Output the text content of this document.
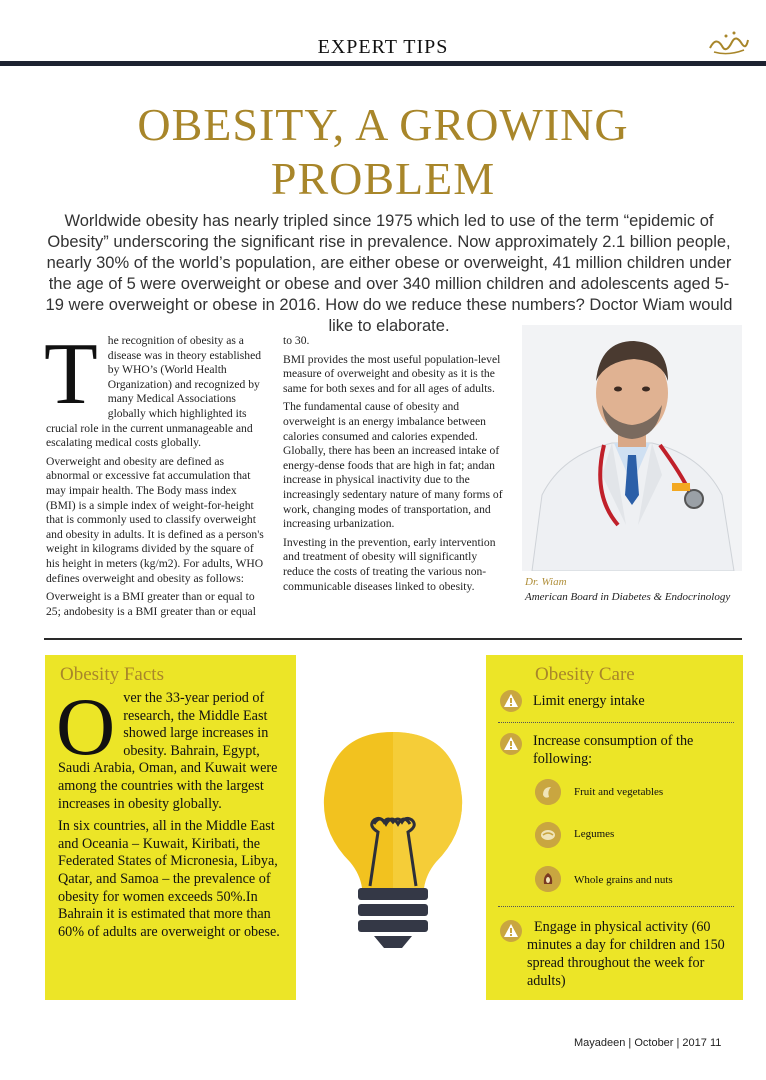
EXPERT TIPS
OBESITY, A GROWING PROBLEM

Worldwide obesity has nearly tripled since 1975 which led to use of the term “epidemic of Obesity” underscoring the significant rise in prevalence. Now approximately 2.1 billion people, nearly 30% of the world’s population, are either obese or overweight, 41 million children under the age of 5 were overweight or obese and over 340 million children and adolescents aged 5-19 were overweight or obese in 2016. How do we reduce these numbers? Doctor Wiam would like to elaborate.

The recognition of obesity as a disease was in theory established by WHO’s (World Health Organization) and recognized by many Medical Associations globally which highlighted its crucial role in the current unmanageable and escalating medical costs globally.

Overweight and obesity are defined as abnormal or excessive fat accumulation that may impair health. The Body mass index (BMI) is a simple index of weight-for-height that is commonly used to classify overweight and obesity in adults. It is defined as a person's weight in kilograms divided by the square of his height in meters (kg/m2). For adults, WHO defines overweight and obesity as follows:

Overweight is a BMI greater than or equal to 25; andobesity is a BMI greater than or equal

to 30.

BMI provides the most useful population-level measure of overweight and obesity as it is the same for both sexes and for all ages of adults.

The fundamental cause of obesity and overweight is an energy imbalance between calories consumed and calories expended. Globally, there has been an increased intake of energy-dense foods that are high in fat; andan increase in physical inactivity due to the increasingly sedentary nature of many forms of work, changing modes of transportation, and increasing urbanization.

Investing in the prevention, early intervention and treatment of obesity will significantly reduce the costs of treating the various non-communicable diseases linked to obesity.	Dr. Wiam
American Board in Diabetes & Endocrinology
Obesity Facts

Over the 33-year period of research, the Middle East showed large increases in obesity. Bahrain, Egypt, Saudi Arabia, Oman, and Kuwait were among the countries with the largest increases in obesity globally.

In six countries, all in the Middle East and Oceania – Kuwait, Kiribati, the Federated States of Micronesia, Libya, Qatar, and Samoa – the prevalence of obesity for women exceeds 50%.In Bahrain it is estimated that more than 60% of adults are overweight or obese.

Obesity Care
Limit energy intake
Increase consumption of the following:
Fruit and vegetables
Legumes
Whole grains and nuts
Engage in physical activity (60 minutes a day for children and 150 spread throughout the week for adults)
Mayadeen | October | 2017 11
